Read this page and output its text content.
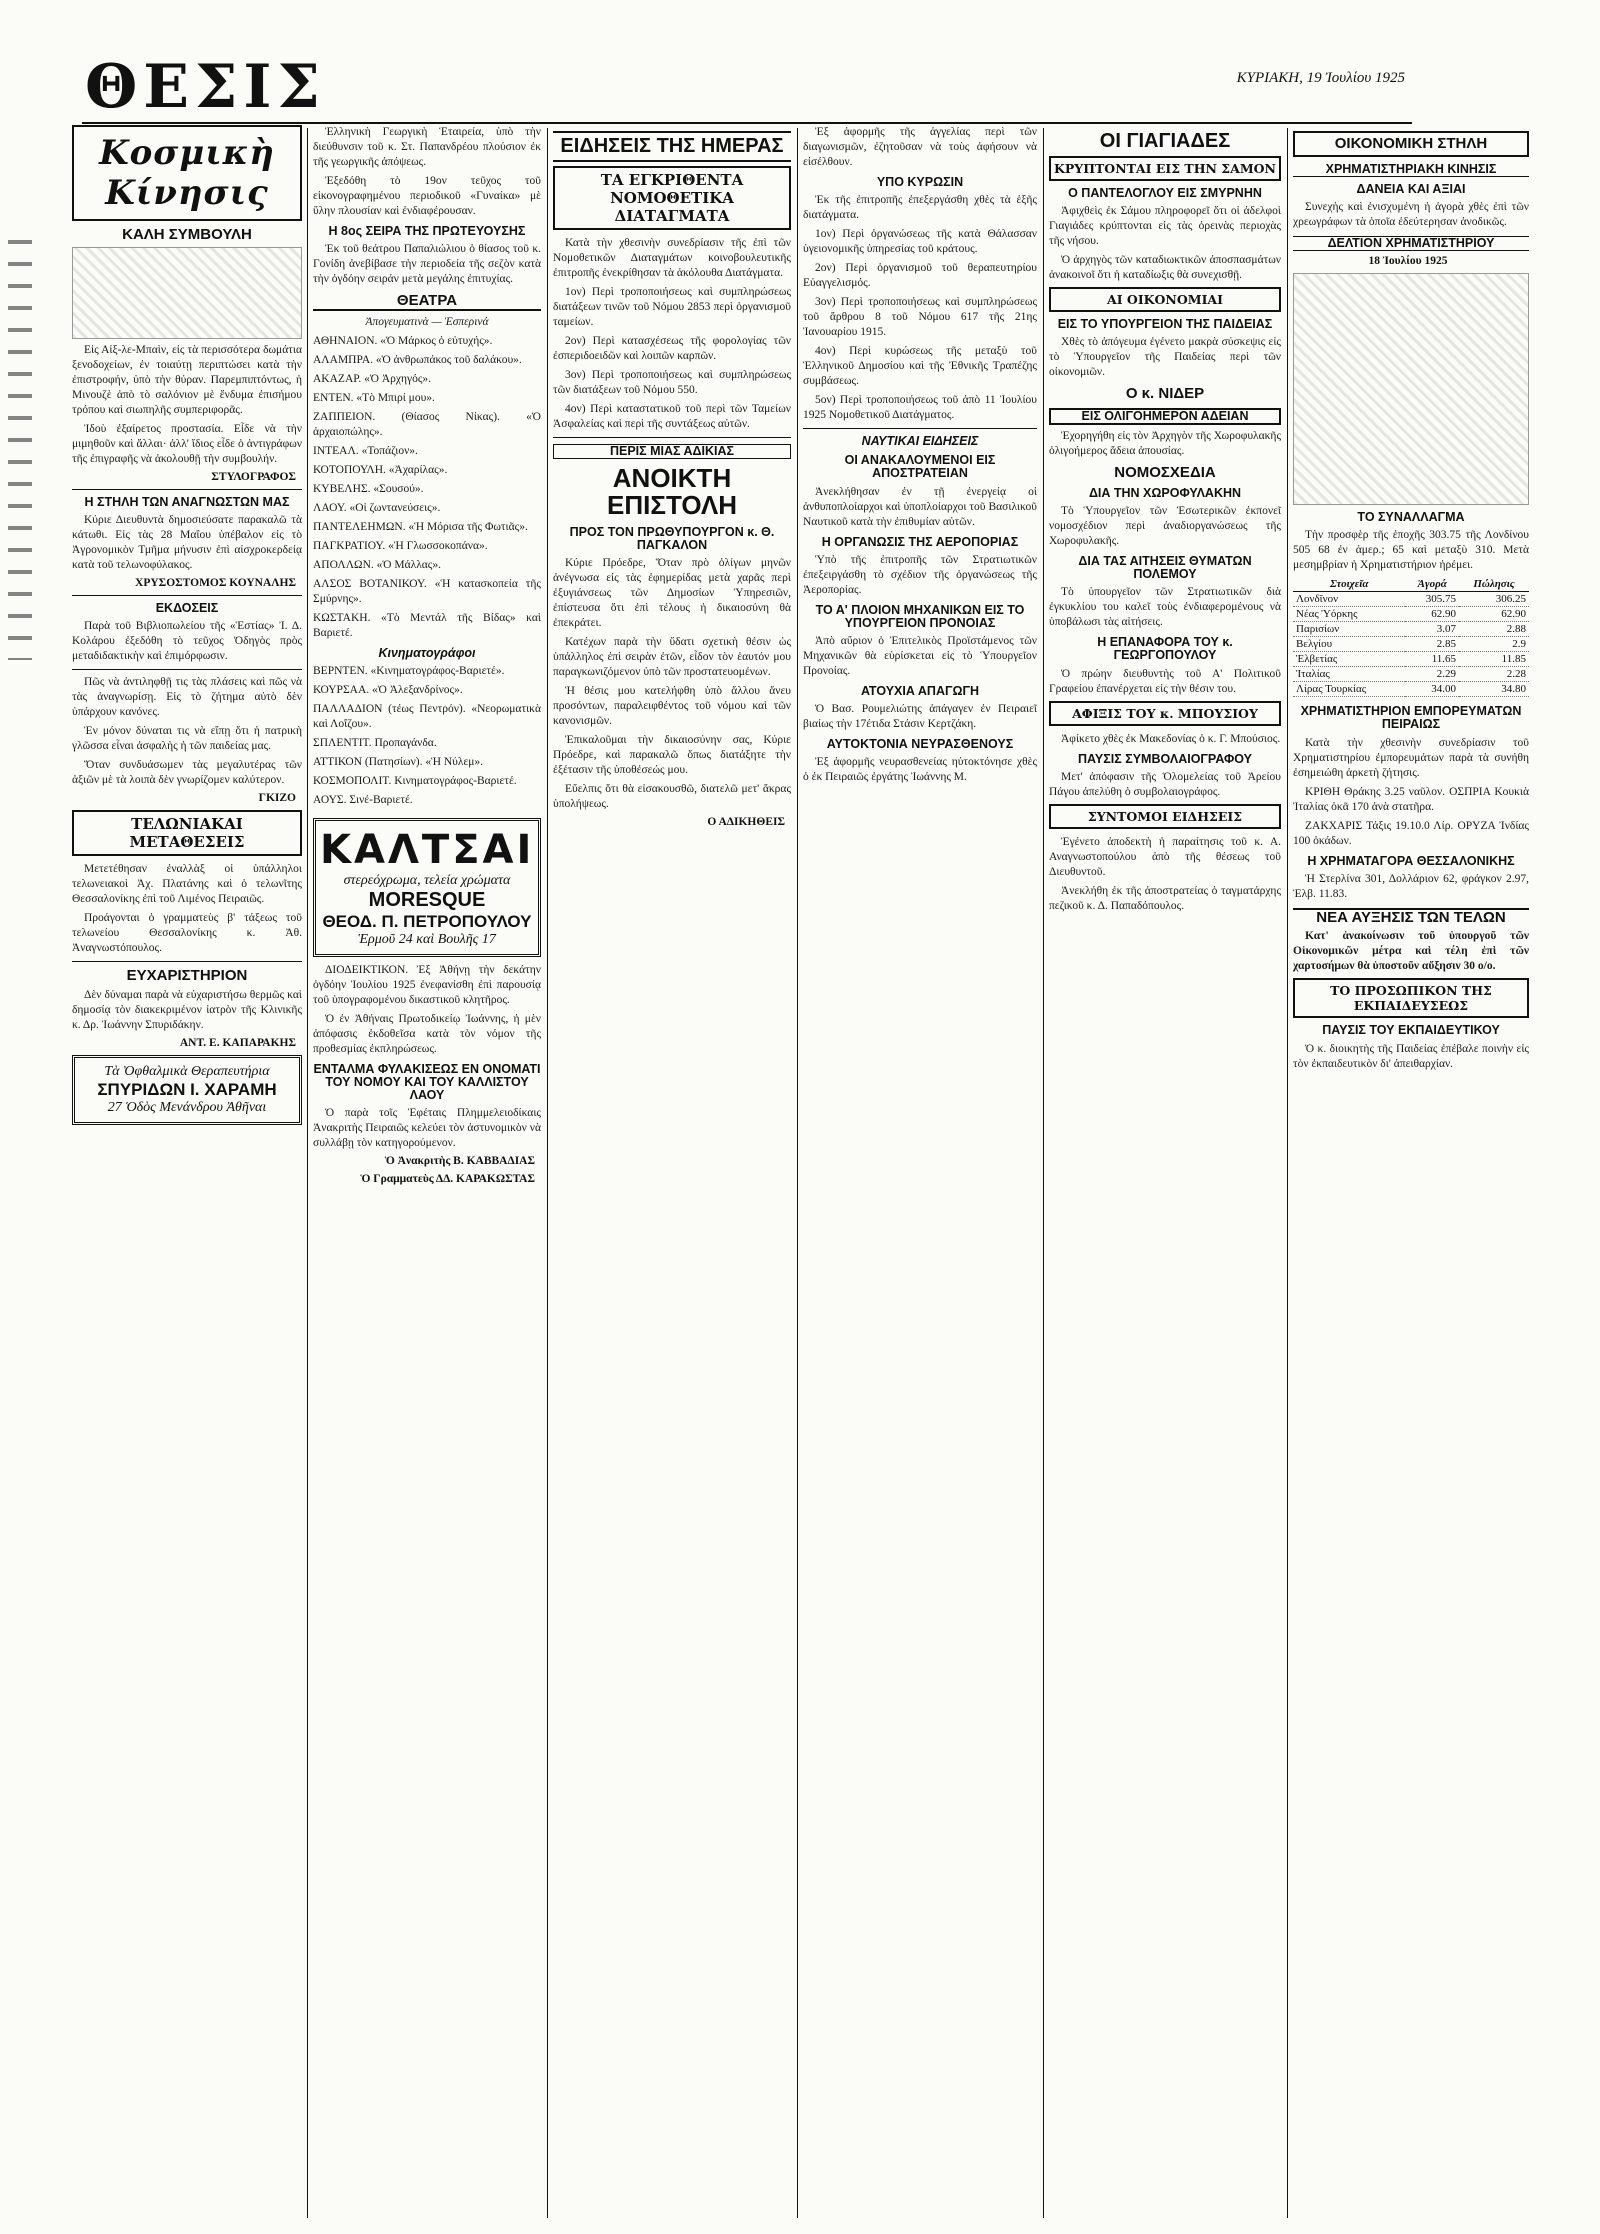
ΘΕΣΙΣ	ΚΥΡΙΑΚΗ, 19 Ἰουλίου 1925
Κοσμικὴ Κίνησις
ΚΑΛΗ ΣΥΜΒΟΥΛΗ

Εἰς Αἰξ-λε-Μπαὶν, εἰς τὰ περισσότερα δωμάτια ξενοδοχείων, ἐν τοιαύτῃ περιπτώσει κατὰ τὴν ἐπιστροφήν, ὑπὸ τὴν θύραν. Παρεμπιπτόντως, ἡ Μινουζὲ ἀπὸ τὸ σαλόνιον μὲ ἔνδυμα ἐπισήμου τρόπου καὶ σιωπηλῆς συμπεριφορᾶς.

Ἰδοὺ ἐξαίρετος προστασία. Εἶδε νὰ τὴν μιμηθοῦν καὶ ἄλλαι· ἀλλ' ἴδιος εἶδε ὁ ἀντιγράφων τῆς ἐπιγραφῆς νὰ ἀκολουθῇ τὴν συμβουλήν.

ΣΤΥΛΟΓΡΑΦΟΣ
Η ΣΤΗΛΗ ΤΩΝ ΑΝΑΓΝΩΣΤΩΝ ΜΑΣ

Κύριε Διευθυντὰ δημοσιεύσατε παρακαλῶ τὰ κάτωθι. Εἰς τὰς 28 Μαΐου ὑπέβαλον εἰς τὸ Ἀγρονομικὸν Τμῆμα μήνυσιν ἐπὶ αἰσχροκερδείᾳ κατὰ τοῦ τελωνοφύλακος.

ΧΡΥΣΟΣΤΟΜΟΣ ΚΟΥΝΑΛΗΣ
ΕΚΔΟΣΕΙΣ

Παρὰ τοῦ Βιβλιοπωλείου τῆς «Ἑστίας» Ἰ. Δ. Κολάρου ἐξεδόθη τὸ τεῦχος Ὀδηγὸς πρὸς μεταδιδακτικὴν καὶ ἐπιμόρφωσιν.

Πῶς νὰ ἀντιληφθῇ τις τὰς πλάσεις καὶ πῶς νὰ τὰς ἀναγνωρίσῃ. Εἰς τὸ ζήτημα αὐτὸ δὲν ὑπάρχουν κανόνες.

Ἐν μόνον δύναται τις νὰ εἴπῃ ὅτι ἡ πατρικὴ γλῶσσα εἶναι ἀσφαλὴς ἡ τῶν παιδείας μας.

Ὅταν συνδυάσωμεν τὰς μεγαλυτέρας τῶν ἀξιῶν μὲ τὰ λοιπὰ δὲν γνωρίζομεν καλύτερον.

ΓΚΙΖΟ
ΤΕΛΩΝΙΑΚΑΙ ΜΕΤΑΘΕΣΕΙΣ

Μετετέθησαν ἐναλλὰξ οἱ ὑπάλληλοι τελωνειακοὶ Ἀχ. Πλατάνης καὶ ὁ τελωνῖτης Θεσσαλονίκης ἐπὶ τοῦ Λιμένος Πειραιῶς.

Προάγονται ὁ γραμματεὺς β' τάξεως τοῦ τελωνείου Θεσσαλονίκης κ. Ἀθ. Ἀναγνωστόπουλος.

ΕΥΧΑΡΙΣΤΗΡΙΟΝ

Δὲν δύναμαι παρὰ νὰ εὐχαριστήσω θερμῶς καὶ δημοσίᾳ τὸν διακεκριμένον ἰατρὸν τῆς Κλινικῆς κ. Δρ. Ἰωάννην Σπυριδάκην.

ΑΝΤ. Ε. ΚΑΠΑΡΑΚΗΣ
Τὰ Ὀφθαλμικὰ Θεραπευτήρια
ΣΠΥΡΙΔΩΝ Ι. ΧΑΡΑΜΗ
27 Ὁδὸς Μενάνδρου Ἀθῆναι

Ἐλληνικὴ Γεωργικὴ Ἑταιρεία, ὑπὸ τὴν διεύθυνσιν τοῦ κ. Στ. Παπανδρέου πλούσιον ἐκ τῆς γεωργικῆς ἀπόψεως.

Ἐξεδόθη τὸ 19ον τεῦχος τοῦ εἰκονογραφημένου περιοδικοῦ «Γυναίκα» μὲ ὕλην πλουσίαν καὶ ἐνδιαφέρουσαν.

Η 8ος ΣΕΙΡΑ ΤΗΣ ΠΡΩΤΕΥΟΥΣΗΣ

Ἐκ τοῦ θεάτρου Παπαλιώλιου ὁ θίασος τοῦ κ. Γονίδη ἀνεβίβασε τὴν περιοδεία τῆς σεζὸν κατὰ τὴν ὀγδόην σειράν μετὰ μεγάλης ἐπιτυχίας.

ΘΕΑΤΡΑ

Ἀπογευματινὰ — Ἑσπερινά

ΑΘΗΝΑΙΟΝ. «Ὁ Μάρκος ὁ εὐτυχής».

ΑΛΑΜΠΡΑ. «Ὁ ἀνθρωπάκος τοῦ δαλάκου».

ΑΚΑΖΑΡ. «Ὁ Ἀρχηγός».

ΕΝΤΕΝ. «Τὸ Μπιρί μου».

ΖΑΠΠΕΙΟΝ. (Θίασος Νίκας). «Ὁ ἀρχαιοπώλης».

ΙΝΤΕΑΛ. «Τοπάζιον».

ΚΟΤΟΠΟΥΛΗ. «Ἀχαρίλας».

ΚΥΒΕΛΗΣ. «Σουσού».

ΛΑΟΥ. «Οἱ ζωντανεύσεις».

ΠΑΝΤΕΛΕΗΜΩΝ. «Ἡ Μόρισα τῆς Φωτιᾶς».

ΠΑΓΚΡΑΤΙΟΥ. «Ἡ Γλωσσοκοπάνα».

ΑΠΟΛΛΩΝ. «Ὁ Μάλλας».

ΑΛΣΟΣ ΒΟΤΑΝΙΚΟΥ. «Ἡ κατασκοπεία τῆς Σμύρνης».

ΚΩΣΤΑΚΗ. «Τὸ Μεντάλ τῆς Βίδας» καὶ Βαριετέ.

Κινηματογράφοι

ΒΕΡΝΤΕΝ. «Κινηματογράφος-Βαριετέ».

ΚΟΥΡΣΑΑ. «Ὁ Ἀλεξανδρίνος».

ΠΑΛΛΑΔΙΟΝ (τέως Πεντρόν). «Νεορωματικὰ καὶ Λοΐζου».

ΣΠΛΕΝΤΙΤ. Προπαγάνδα.

ΑΤΤΙΚΟΝ (Πατησίων). «Ἡ Νύλεμ».

ΚΟΣΜΟΠΟΛΙΤ. Κινηματογράφος-Βαριετέ.

ΑΟΥΣ. Σινέ-Βαριετέ.

ΚΑΛΤΣΑΙ
στερεόχρωμα, τελεία χρώματα
MORESQUE
ΘΕΟΔ. Π. ΠΕΤΡΟΠΟΥΛΟΥ
Ἑρμοῦ 24 καὶ Βουλῆς 17

ΔΙΟΔΕΙΚΤΙΚΟΝ. Ἐξ Ἀθήνῃ τὴν δεκάτην ὀγδόην Ἰουλίου 1925 ἐνεφανίσθη ἐπὶ παρουσίᾳ τοῦ ὑπογραφομένου δικαστικοῦ κλητῆρος.

Ὁ ἐν Ἀθήναις Πρωτοδικείῳ Ἰωάννης, ἡ μὲν ἀπόφασις ἐκδοθεῖσα κατὰ τὸν νόμον τῆς προθεσμίας ἐκπληρώσεως.

ΕΝΤΑΛΜΑ ΦΥΛΑΚΙΣΕΩΣ ΕΝ ΟΝΟΜΑΤΙ ΤΟΥ ΝΟΜΟΥ ΚΑΙ ΤΟΥ ΚΑΛΛΙΣΤΟΥ ΛΑΟΥ

Ὁ παρὰ τοῖς Ἐφέταις Πλημμελειοδίκαις Ἀνακριτὴς Πειραιῶς κελεύει τὸν ἀστυνομικὸν νὰ συλλάβῃ τὸν κατηγορούμενον.

Ὁ Ἀνακριτὴς Β. ΚΑΒΒΑΔΙΑΣ
Ὁ Γραμματεὺς ΔΔ. ΚΑΡΑΚΩΣΤΑΣ
ΕΙΔΗΣΕΙΣ ΤΗΣ ΗΜΕΡΑΣ
ΤΑ ΕΓΚΡΙΘΕΝΤΑ ΝΟΜΟΘΕΤΙΚΑ ΔΙΑΤΑΓΜΑΤΑ

Κατὰ τὴν χθεσινὴν συνεδρίασιν τῆς ἐπὶ τῶν Νομοθετικῶν Διαταγμάτων κοινοβουλευτικῆς ἐπιτροπῆς ἐνεκρίθησαν τὰ ἀκόλουθα Διατάγματα.

1ον) Περὶ τροποποιήσεως καὶ συμπληρώσεως διατάξεων τινῶν τοῦ Νόμου 2853 περὶ ὁργανισμοῦ ταμείων.

2ον) Περὶ κατασχέσεως τῆς φορολογίας τῶν ἐσπεριδοειδῶν καὶ λοιπῶν καρπῶν.

3ον) Περὶ τροποποιήσεως καὶ συμπληρώσεως τῶν διατάξεων τοῦ Νόμου 550.

4ον) Περὶ καταστατικοῦ τοῦ περὶ τῶν Ταμείων Ἀσφαλείας καὶ περὶ τῆς συντάξεως αὐτῶν.

ΠΕΡΙΣ ΜΙΑΣ ΑΔΙΚΙΑΣ
ΑΝΟΙΚΤΗ ΕΠΙΣΤΟΛΗ
ΠΡΟΣ ΤΟΝ ΠΡΩΘΥΠΟΥΡΓΟΝ κ. Θ. ΠΑΓΚΑΛΟΝ

Κύριε Πρόεδρε, Ὅταν πρὸ ὀλίγων μηνῶν ἀνέγνωσα εἰς τὰς ἐφημερίδας μετὰ χαρᾶς περὶ ἐξυγιάνσεως τῶν Δημοσίων Ὑπηρεσιῶν, ἐπίστευσα ὅτι ἐπὶ τέλους ἡ δικαιοσύνη θὰ ἐπεκράτει.

Κατέχων παρὰ τὴν ὕδατι σχετικὴ θέσιν ὡς ὑπάλληλος ἐπὶ σειρὰν ἐτῶν, εἶδον τὸν ἑαυτόν μου παραγκωνιζόμενον ὑπὸ τῶν προστατευομένων.

Ἡ θέσις μου κατελήφθη ὑπὸ ἄλλου ἄνευ προσόντων, παραλειφθέντος τοῦ νόμου καὶ τῶν κανονισμῶν.

Ἐπικαλοῦμαι τὴν δικαιοσύνην σας, Κύριε Πρόεδρε, καὶ παρακαλῶ ὅπως διατάξητε τὴν ἐξέτασιν τῆς ὑποθέσεώς μου.

Εὔελπις ὅτι θὰ εἰσακουσθῶ, διατελῶ μετ' ἄκρας ὑπολήψεως.

Ο ΑΔΙΚΗΘΕΙΣ

Ἐξ ἀφορμῆς τῆς ἀγγελίας περὶ τῶν διαγωνισμῶν, ἐζητοῦσαν νὰ τοὺς ἀφήσουν νὰ εἰσέλθουν.

ΥΠΟ ΚΥΡΩΣΙΝ

Ἐκ τῆς ἐπιτροπῆς ἐπεξεργάσθη χθὲς τὰ ἑξῆς διατάγματα.

1ον) Περὶ ὀργανώσεως τῆς κατὰ Θάλασσαν ὑγειονομικῆς ὑπηρεσίας τοῦ κράτους.

2ον) Περὶ ὀργανισμοῦ τοῦ θεραπευτηρίου Εὐαγγελισμός.

3ον) Περὶ τροποποιήσεως καὶ συμπληρώσεως τοῦ ἄρθρου 8 τοῦ Νόμου 617 τῆς 21ης Ἰανουαρίου 1915.

4ον) Περὶ κυρώσεως τῆς μεταξὺ τοῦ Ἑλληνικοῦ Δημοσίου καὶ τῆς Ἐθνικῆς Τραπέζης συμβάσεως.

5ον) Περὶ τροποποιήσεως τοῦ ἀπὸ 11 Ἰουλίου 1925 Νομοθετικοῦ Διατάγματος.

ΝΑΥΤΙΚΑΙ ΕΙΔΗΣΕΙΣ
ΟΙ ΑΝΑΚΑΛΟΥΜΕΝΟΙ ΕΙΣ ΑΠΟΣΤΡΑΤΕΙΑΝ

Ἀνεκλήθησαν ἐν τῇ ἐνεργείᾳ οἱ ἀνθυποπλοίαρχοι καὶ ὑποπλοίαρχοι τοῦ Βασιλικοῦ Ναυτικοῦ κατὰ τὴν ἐπιθυμίαν αὐτῶν.

Η ΟΡΓΑΝΩΣΙΣ ΤΗΣ ΑΕΡΟΠΟΡΙΑΣ

Ὑπὸ τῆς ἐπιτροπῆς τῶν Στρατιωτικῶν ἐπεξειργάσθη τὸ σχέδιον τῆς ὀργανώσεως τῆς Ἀεροπορίας.

ΤΟ Α' ΠΛΟΙΟΝ ΜΗΧΑΝΙΚΩΝ ΕΙΣ ΤΟ ΥΠΟΥΡΓΕΙΟΝ ΠΡΟΝΟΙΑΣ

Ἀπὸ αὔριον ὁ Ἐπιτελικὸς Προϊστάμενος τῶν Μηχανικῶν θὰ εὑρίσκεται εἰς τὸ Ὑπουργεῖον Προνοίας.

ΑΤΟΥΧΙΑ ΑΠΑΓΩΓΗ

Ὁ Βασ. Ρουμελιώτης ἀπάγαγεν ἐν Πειραιεῖ βιαίως τὴν 17έτιδα Στάσιν Κερτζάκη.

ΑΥΤΟΚΤΟΝΙΑ ΝΕΥΡΑΣΘΕΝΟΥΣ

Ἐξ ἀφορμῆς νευρασθενείας ηὐτοκτόνησε χθὲς ὁ ἐκ Πειραιῶς ἐργάτης Ἰωάννης Μ.

ΟΙ ΓΙΑΓΙΑΔΕΣ
ΚΡΥΠΤΟΝΤΑΙ ΕΙΣ ΤΗΝ ΣΑΜΟΝ
Ο ΠΑΝΤΕΛΟΓΛΟΥ ΕΙΣ ΣΜΥΡΝΗΝ

Ἀφιχθεὶς ἐκ Σάμου πληροφορεῖ ὅτι οἱ ἀδελφοὶ Γιαγιάδες κρύπτονται εἰς τὰς ὀρεινὰς περιοχὰς τῆς νήσου.

Ὁ ἀρχηγὸς τῶν καταδιωκτικῶν ἀποσπασμάτων ἀνακοινοῖ ὅτι ἡ καταδίωξις θὰ συνεχισθῇ.

ΑΙ ΟΙΚΟΝΟΜΙΑΙ
ΕΙΣ ΤΟ ΥΠΟΥΡΓΕΙΟΝ ΤΗΣ ΠΑΙΔΕΙΑΣ

Χθὲς τὸ ἀπόγευμα ἐγένετο μακρὰ σύσκεψις εἰς τὸ Ὑπουργεῖον τῆς Παιδείας περὶ τῶν οἰκονομιῶν.

Ο κ. ΝΙΔΕΡ
ΕΙΣ ΟΛΙΓΟΗΜΕΡΟΝ ΑΔΕΙΑΝ

Ἐχορηγήθη εἰς τὸν Ἀρχηγὸν τῆς Χωροφυλακῆς ὀλιγοήμερος ἄδεια ἀπουσίας.

ΝΟΜΟΣΧΕΔΙΑ
ΔΙΑ ΤΗΝ ΧΩΡΟΦΥΛΑΚΗΝ

Τὸ Ὑπουργεῖον τῶν Ἐσωτερικῶν ἐκπονεῖ νομοσχέδιον περὶ ἀναδιοργανώσεως τῆς Χωροφυλακῆς.

ΔΙΑ ΤΑΣ ΑΙΤΗΣΕΙΣ ΘΥΜΑΤΩΝ ΠΟΛΕΜΟΥ

Τὸ ὑπουργεῖον τῶν Στρατιωτικῶν διὰ ἐγκυκλίου του καλεῖ τοὺς ἐνδιαφερομένους νὰ ὑποβάλωσι τὰς αἰτήσεις.

Η ΕΠΑΝΑΦΟΡΑ ΤΟΥ κ. ΓΕΩΡΓΟΠΟΥΛΟΥ

Ὁ πρώην διευθυντὴς τοῦ Α' Πολιτικοῦ Γραφείου ἐπανέρχεται εἰς τὴν θέσιν του.

ΑΦΙΞΙΣ ΤΟΥ κ. ΜΠΟΥΣΙΟΥ

Ἀφίκετο χθὲς ἐκ Μακεδονίας ὁ κ. Γ. Μπούσιος.

ΠΑΥΣΙΣ ΣΥΜΒΟΛΑΙΟΓΡΑΦΟΥ

Μετ' ἀπόφασιν τῆς Ὁλομελείας τοῦ Ἀρείου Πάγου ἀπελύθη ὁ συμβολαιογράφος.

ΣΥΝΤΟΜΟΙ ΕΙΔΗΣΕΙΣ

Ἐγένετο ἀποδεκτὴ ἡ παραίτησις τοῦ κ. Α. Αναγνωστοπούλου ἀπὸ τῆς θέσεως τοῦ Διευθυντοῦ.

Ἀνεκλήθη ἐκ τῆς ἀποστρατείας ὁ ταγματάρχης πεζικοῦ κ. Δ. Παπαδόπουλος.

ΟΙΚΟΝΟΜΙΚΗ ΣΤΗΛΗ
ΧΡΗΜΑΤΙΣΤΗΡΙΑΚΗ ΚΙΝΗΣΙΣ
ΔΑΝΕΙΑ ΚΑΙ ΑΞΙΑΙ

Συνεχὴς καὶ ἐνισχυμένη ἡ ἀγορὰ χθὲς ἐπὶ τῶν χρεωγράφων τὰ ὁποῖα ἐδεύτερησαν ἀνοδικῶς.

ΔΕΛΤΙΟΝ ΧΡΗΜΑΤΙΣΤΗΡΙΟΥ
18 Ἰουλίου 1925
ΤΟ ΣΥΝΑΛΛΑΓΜΑ

Τὴν προσφὲρ τῆς ἐποχῆς 303.75 τῆς Λονδίνου 505 68 ἐν ἀμερ.; 65 καὶ μεταξὺ 310. Μετὰ μεσημβρίαν ἡ Χρηματιστήριον ἠρέμει.

Στοιχεῖα	Ἀγορά	Πώλησις
Λονδῖνον	305.75	306.25
Νέας Ὑόρκης	62.90	62.90
Παρισίων	3.07	2.88
Βελγίου	2.85	2.9
Ἑλβετίας	11.65	11.85
Ἰταλίας	2.29	2.28
Λίρας Τουρκίας	34.00	34.80
ΧΡΗΜΑΤΙΣΤΗΡΙΟΝ ΕΜΠΟΡΕΥΜΑΤΩΝ ΠΕΙΡΑΙΩΣ

Κατὰ τὴν χθεσινὴν συνεδρίασιν τοῦ Χρηματιστηρίου ἐμπορευμάτων παρὰ τὰ συνήθη ἐσημειώθη ἀρκετὴ ζήτησις.

ΚΡΙΘΗ Θράκης 3.25 ναῦλον. ΟΣΠΡΙΑ Κουκιὰ Ἰταλίας ὁκᾶ 170 ἀνὰ στατῆρα.

ΖΑΚΧΑΡΙΣ Τάξις 19.10.0 Λίρ. ΟΡΥΖΑ Ἰνδίας 100 ὀκάδων.

Η ΧΡΗΜΑΤΑΓΟΡΑ ΘΕΣΣΑΛΟΝΙΚΗΣ

Ἡ Στερλίνα 301, Δολλάριον 62, φράγκον 2.97, Ἑλβ. 11.83.

ΝΕΑ ΑΥΞΗΣΙΣ ΤΩΝ ΤΕΛΩΝ

Κατ' ἀνακοίνωσιν τοῦ ὑπουργοῦ τῶν Οἰκονομικῶν μέτρα καὶ τέλη ἐπὶ τῶν χαρτοσήμων θὰ ὑποστοῦν αὔξησιν 30 ο/ο.

ΤΟ ΠΡΟΣΩΠΙΚΟΝ ΤΗΣ ΕΚΠΑΙΔΕΥΣΕΩΣ
ΠΑΥΣΙΣ ΤΟΥ ΕΚΠΑΙΔΕΥΤΙΚΟΥ

Ὁ κ. διοικητὴς τῆς Παιδείας ἐπέβαλε ποινὴν εἰς τὸν ἐκπαιδευτικὸν δι' ἀπειθαρχίαν.
